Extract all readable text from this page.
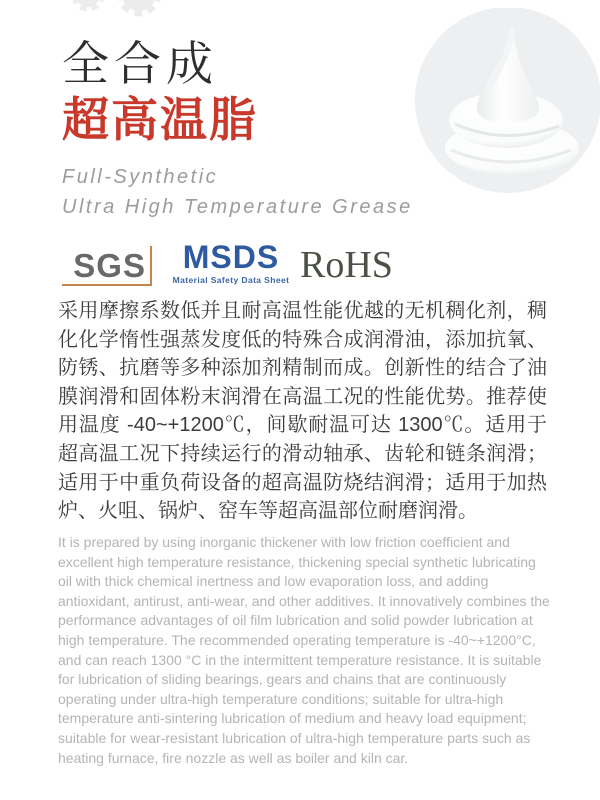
全合成
超高温脂
Full-Synthetic
Ultra High Temperature Grease
SGS	MSDS
Material Safety Data Sheet RoHS
采用摩擦系数低并且耐高温性能优越的无机稠化剂，稠化化学惰性强蒸发度低的特殊合成润滑油，添加抗氧、防锈、抗磨等多种添加剂精制而成。创新性的结合了油膜润滑和固体粉末润滑在高温工况的性能优势。推荐使用温度 -40~+1200℃，间歇耐温可达 1300℃。适用于超高温工况下持续运行的滑动轴承、齿轮和链条润滑；适用于中重负荷设备的超高温防烧结润滑；适用于加热炉、火咀、锅炉、窑车等超高温部位耐磨润滑。
It is prepared by using inorganic thickener with low friction coefficient and excellent high temperature resistance, thickening special synthetic lubricating oil with thick chemical inertness and low evaporation loss, and adding antioxidant, antirust, anti-wear, and other additives. It innovatively combines the performance advantages of oil film lubrication and solid powder lubrication at high temperature. The recommended operating temperature is -40~+1200°C, and can reach 1300 °C in the intermittent temperature resistance. It is suitable for lubrication of sliding bearings, gears and chains that are continuously operating under ultra-high temperature conditions; suitable for ultra-high temperature anti-sintering lubrication of medium and heavy load equipment; suitable for wear-resistant lubrication of ultra-high temperature parts such as heating furnace, fire nozzle as well as boiler and kiln car.
